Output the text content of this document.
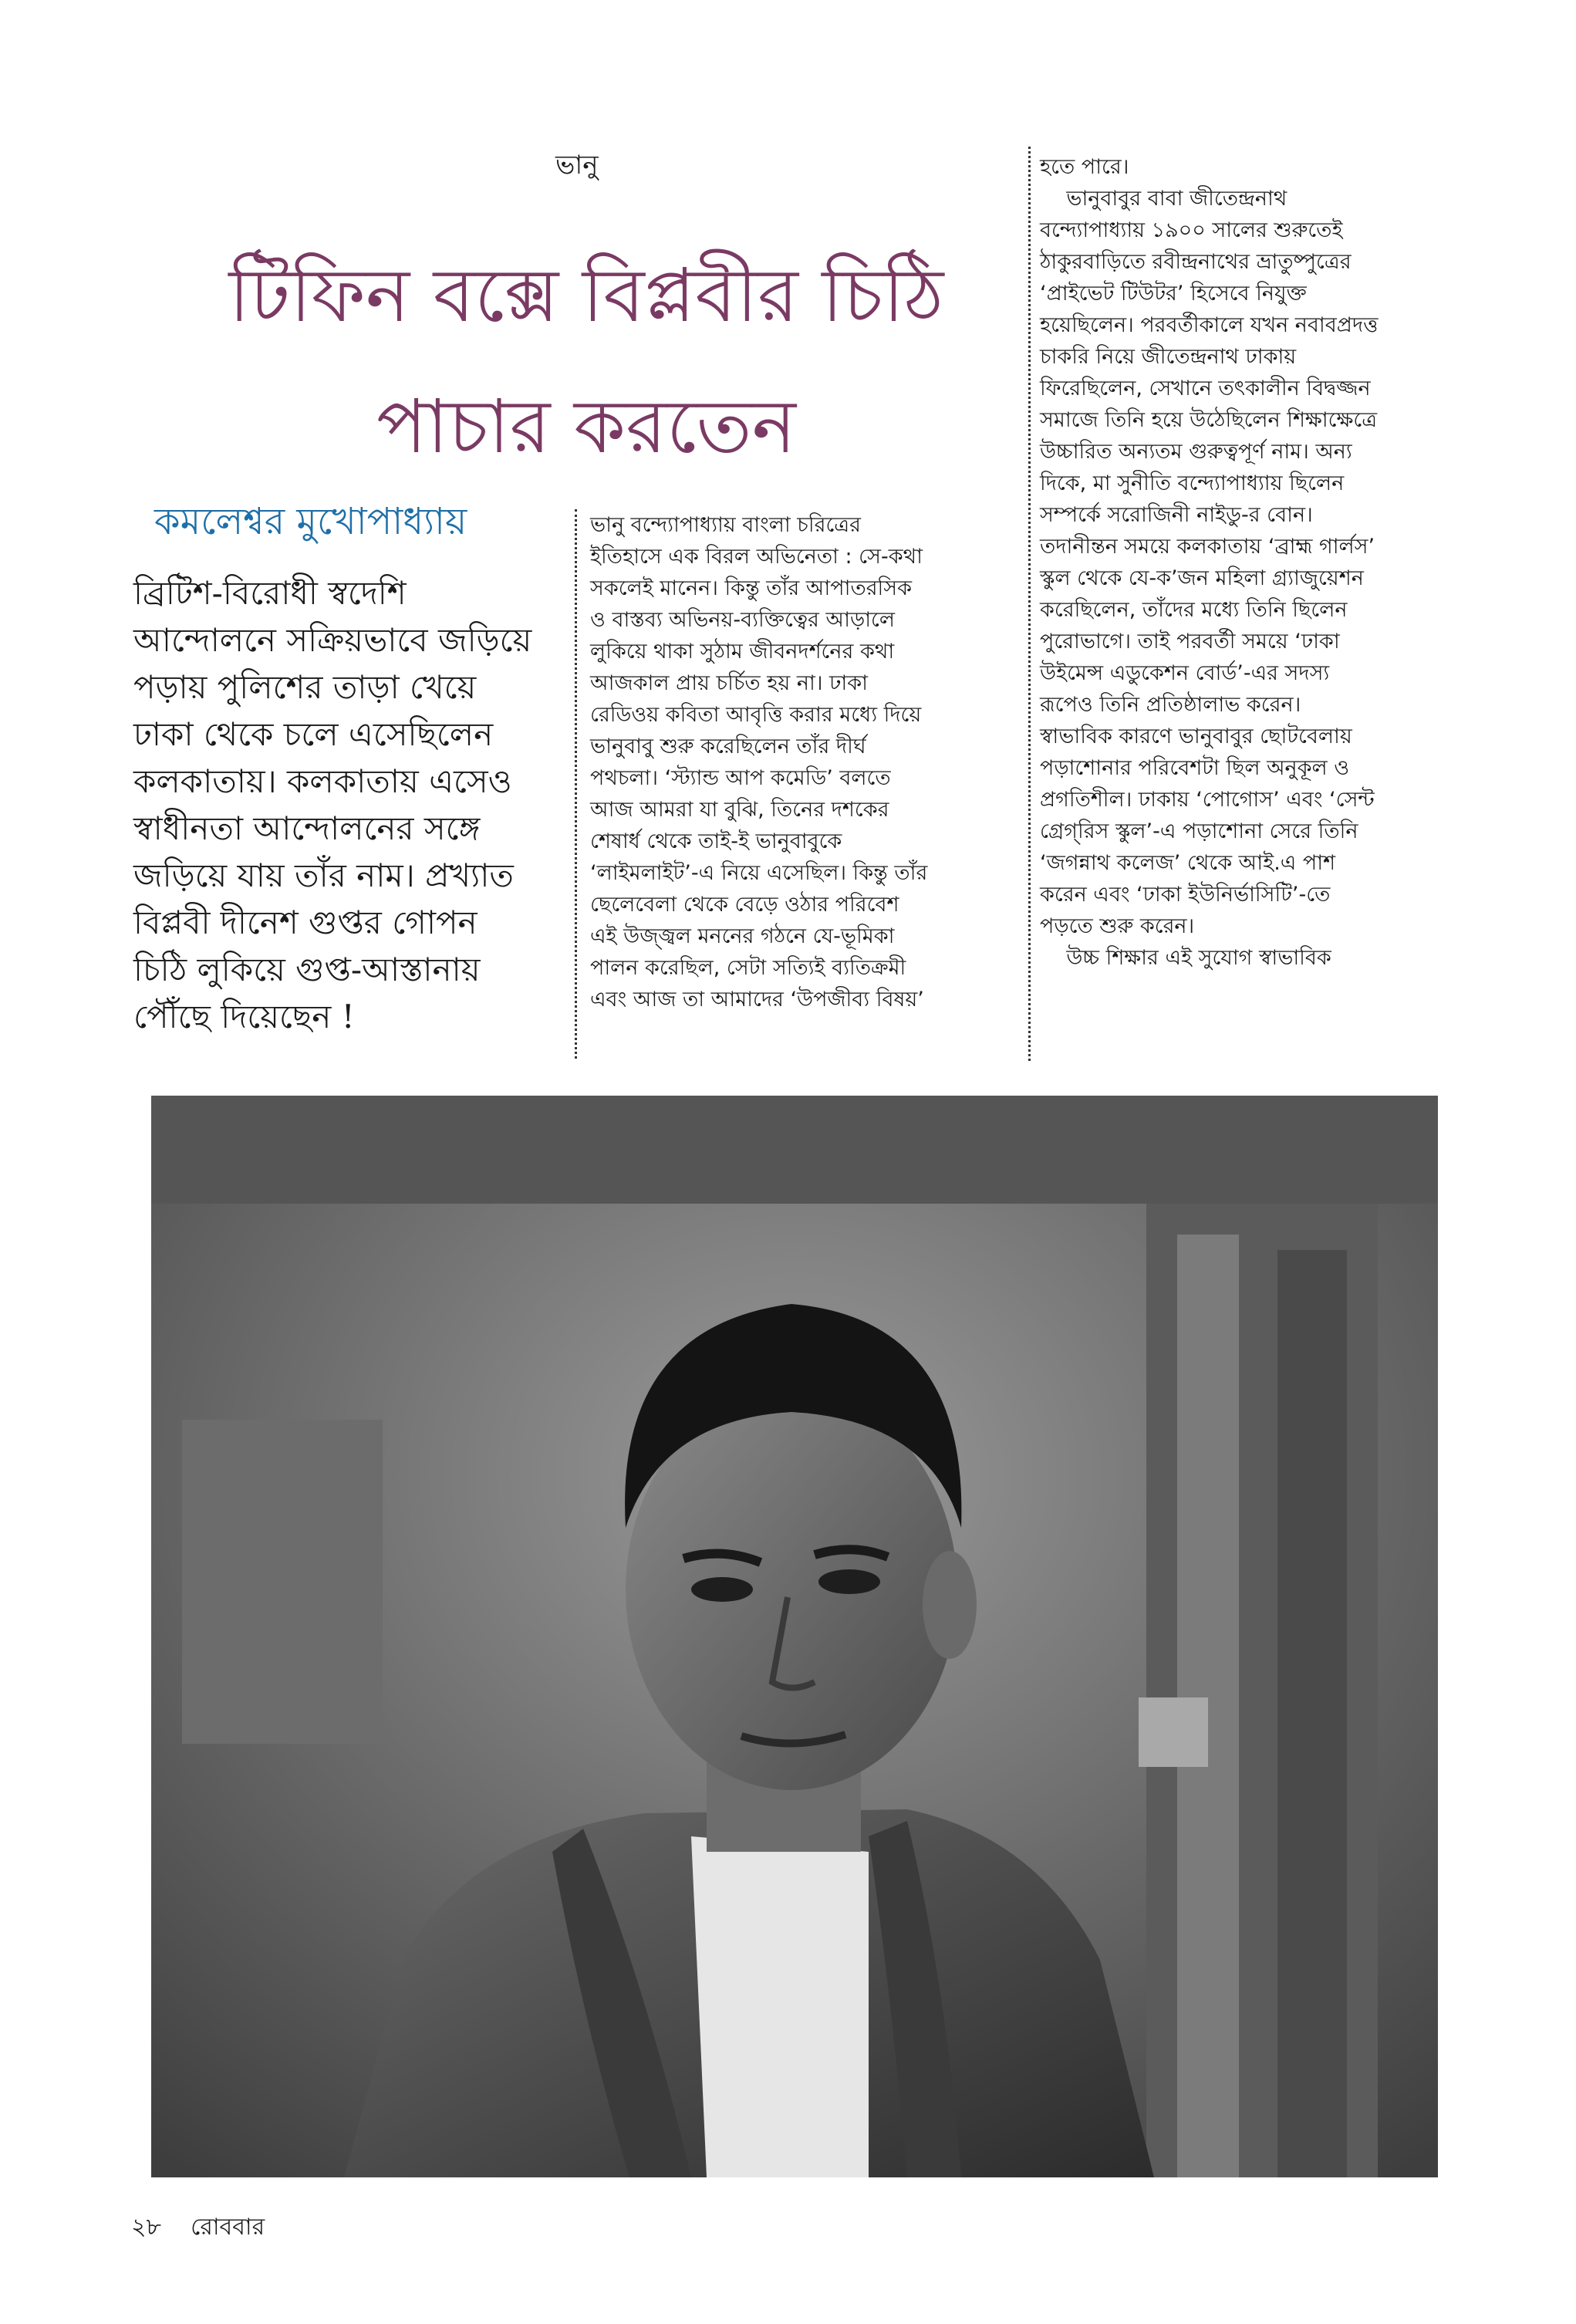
ভানু
টিফিন বক্সে বিপ্লবীর চিঠি
পাচার করতেন
কমলেশ্বর মুখোপাধ্যায়
ব্রিটিশ-বিরোধী স্বদেশি
আন্দোলনে সক্রিয়ভাবে জড়িয়ে
পড়ায় পুলিশের তাড়া খেয়ে
ঢাকা থেকে চলে এসেছিলেন
কলকাতায়। কলকাতায় এসেও
স্বাধীনতা আন্দোলনের সঙ্গে
জড়িয়ে যায় তাঁর নাম। প্রখ্যাত
বিপ্লবী দীনেশ গুপ্তর গোপন
চিঠি লুকিয়ে গুপ্ত-আস্তানায়
পৌঁছে দিয়েছেন !

ভানু বন্দ্যোপাধ্যায় বাংলা চরিত্রের

ইতিহাসে এক বিরল অভিনেতা : সে-কথা

সকলেই মানেন। কিন্তু তাঁর আপাতরসিক

ও বাস্তব্য অভিনয়-ব্যক্তিত্বের আড়ালে

লুকিয়ে থাকা সুঠাম জীবনদর্শনের কথা

আজকাল প্রায় চর্চিত হয় না। ঢাকা

রেডিওয় কবিতা আবৃত্তি করার মধ্যে দিয়ে

ভানুবাবু শুরু করেছিলেন তাঁর দীর্ঘ

পথচলা। ‘স্ট্যান্ড আপ কমেডি’ বলতে

আজ আমরা যা বুঝি, তিনের দশকের

শেষার্ধ থেকে তাই-ই ভানুবাবুকে

‘লাইমলাইট’-এ নিয়ে এসেছিল। কিন্তু তাঁর

ছেলেবেলা থেকে বেড়ে ওঠার পরিবেশ

এই উজ্জ্বল মননের গঠনে যে-ভূমিকা

পালন করেছিল, সেটা সত্যিই ব্যতিক্রমী

এবং আজ তা আমাদের ‘উপজীব্য বিষয়’

হতে পারে।

ভানুবাবুর বাবা জীতেন্দ্রনাথ

বন্দ্যোপাধ্যায় ১৯০০ সালের শুরুতেই

ঠাকুরবাড়িতে রবীন্দ্রনাথের ভ্রাতুষ্পুত্রের

‘প্রাইভেট টিউটর’ হিসেবে নিযুক্ত

হয়েছিলেন। পরবর্তীকালে যখন নবাবপ্রদত্ত

চাকরি নিয়ে জীতেন্দ্রনাথ ঢাকায়

ফিরেছিলেন, সেখানে তৎকালীন বিদ্বজ্জন

সমাজে তিনি হয়ে উঠেছিলেন শিক্ষাক্ষেত্রে

উচ্চারিত অন্যতম গুরুত্বপূর্ণ নাম। অন্য

দিকে, মা সুনীতি বন্দ্যোপাধ্যায় ছিলেন

সম্পর্কে সরোজিনী নাইডু-র বোন।

তদানীন্তন সময়ে কলকাতায় ‘ব্রাহ্ম গার্লস’

স্কুল থেকে যে-ক’জন মহিলা গ্র্যাজুয়েশন

করেছিলেন, তাঁদের মধ্যে তিনি ছিলেন

পুরোভাগে। তাই পরবর্তী সময়ে ‘ঢাকা

উইমেন্স এডুকেশন বোর্ড’-এর সদস্য

রূপেও তিনি প্রতিষ্ঠালাভ করেন।

স্বাভাবিক কারণে ভানুবাবুর ছোটবেলায়

পড়াশোনার পরিবেশটা ছিল অনুকূল ও

প্রগতিশীল। ঢাকায় ‘পোগোস’ এবং ‘সেন্ট

গ্রেগ্‌রিস স্কুল’-এ পড়াশোনা সেরে তিনি

‘জগন্নাথ কলেজ’ থেকে আই.এ পাশ

করেন এবং ‘ঢাকা ইউনির্ভাসিটি’-তে

পড়তে শুরু করেন।

উচ্চ শিক্ষার এই সুযোগ স্বাভাবিক

২৮ রোববার
